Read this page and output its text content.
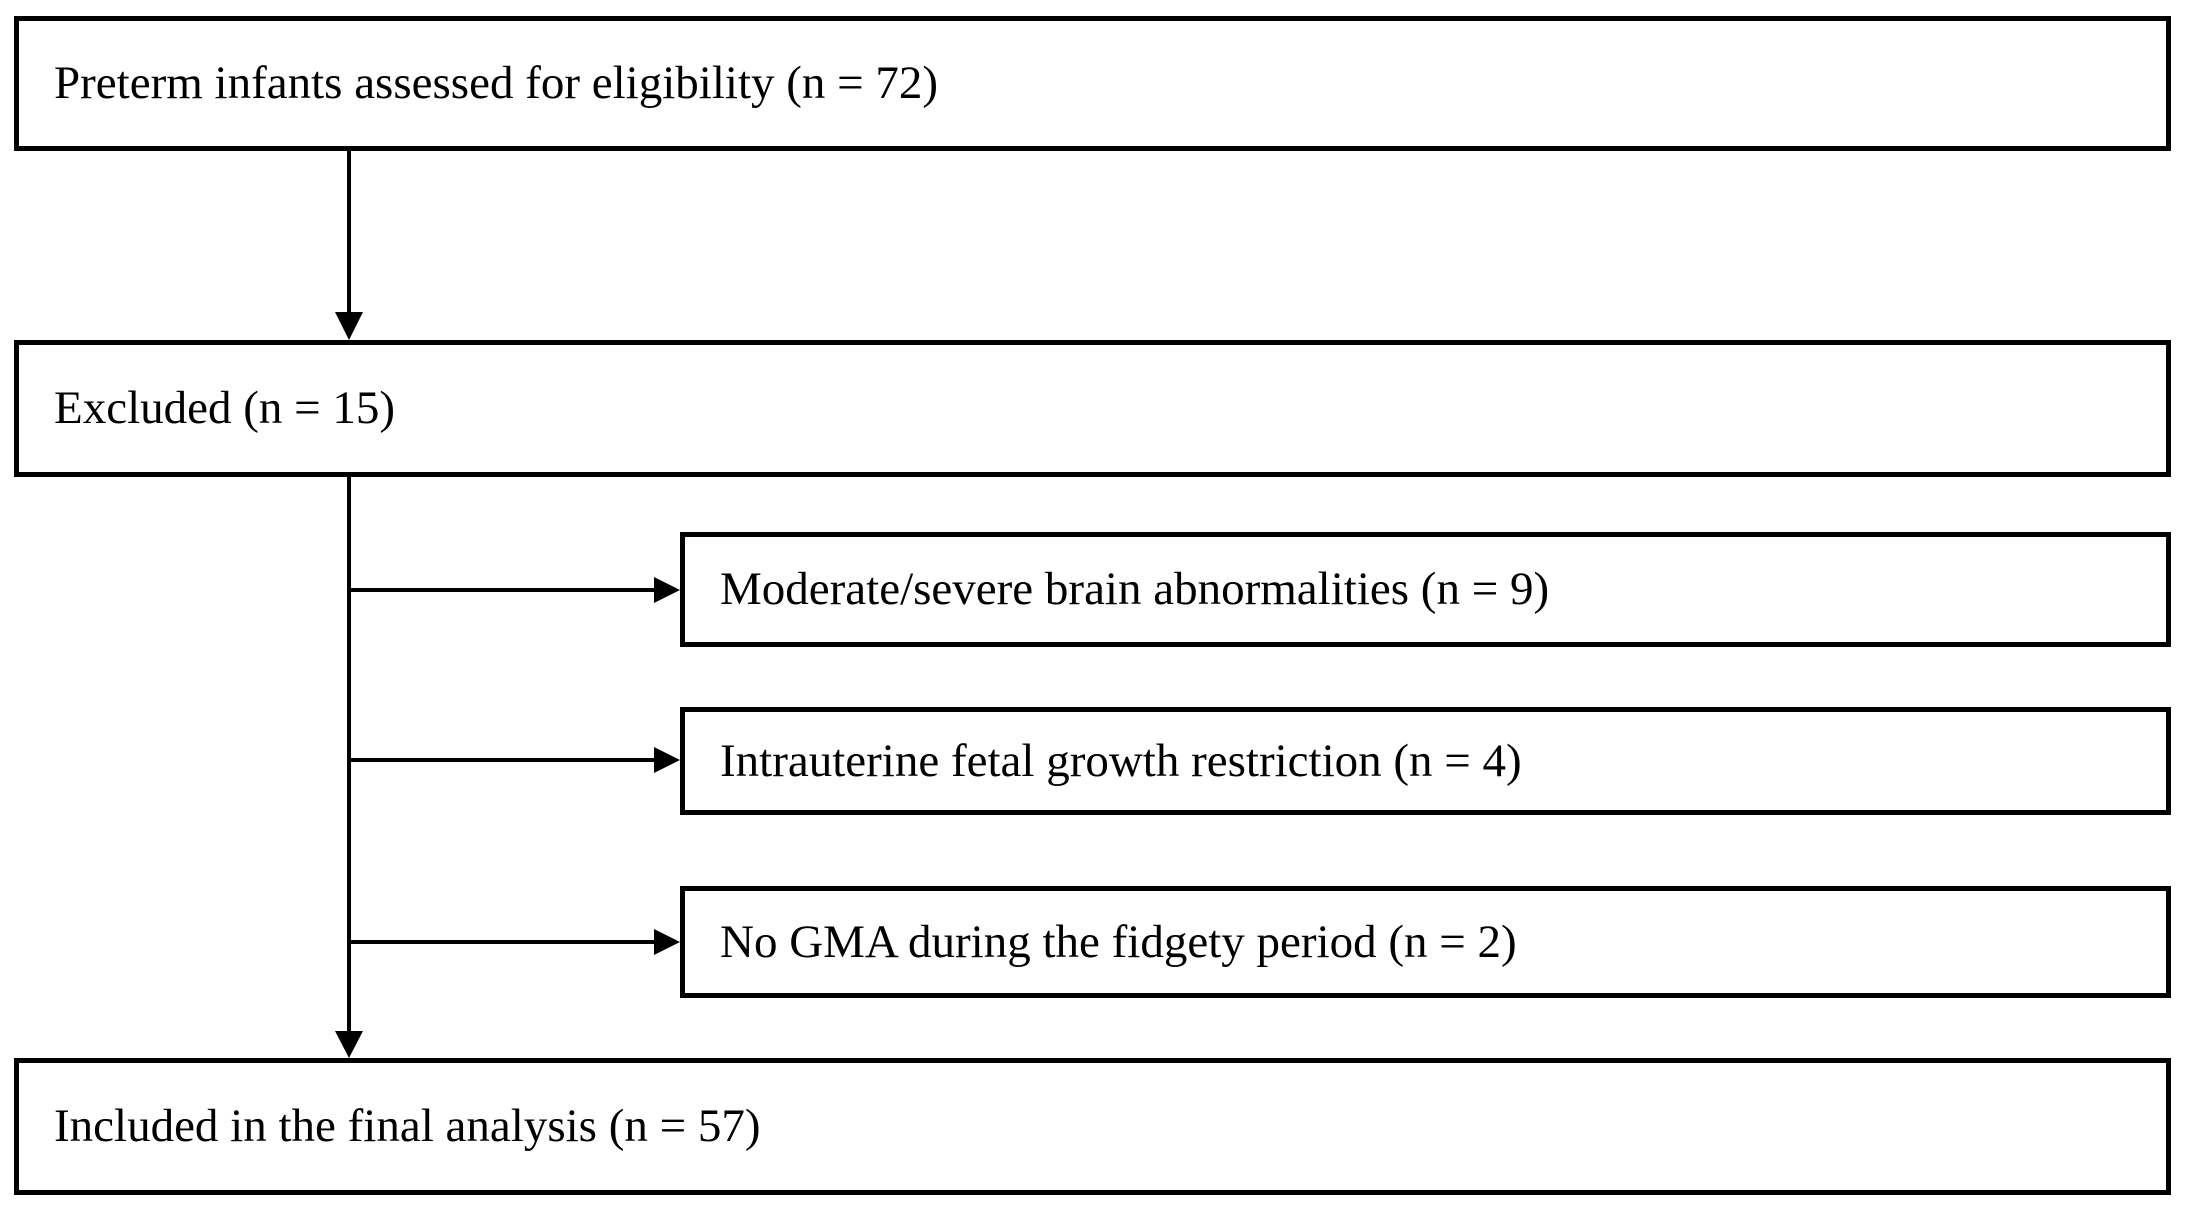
Preterm infants assessed for eligibility (n = 72)
Excluded (n = 15)
Moderate/severe brain abnormalities (n = 9)
Intrauterine fetal growth restriction (n = 4)
No GMA during the fidgety period (n = 2)
Included in the final analysis (n = 57)
